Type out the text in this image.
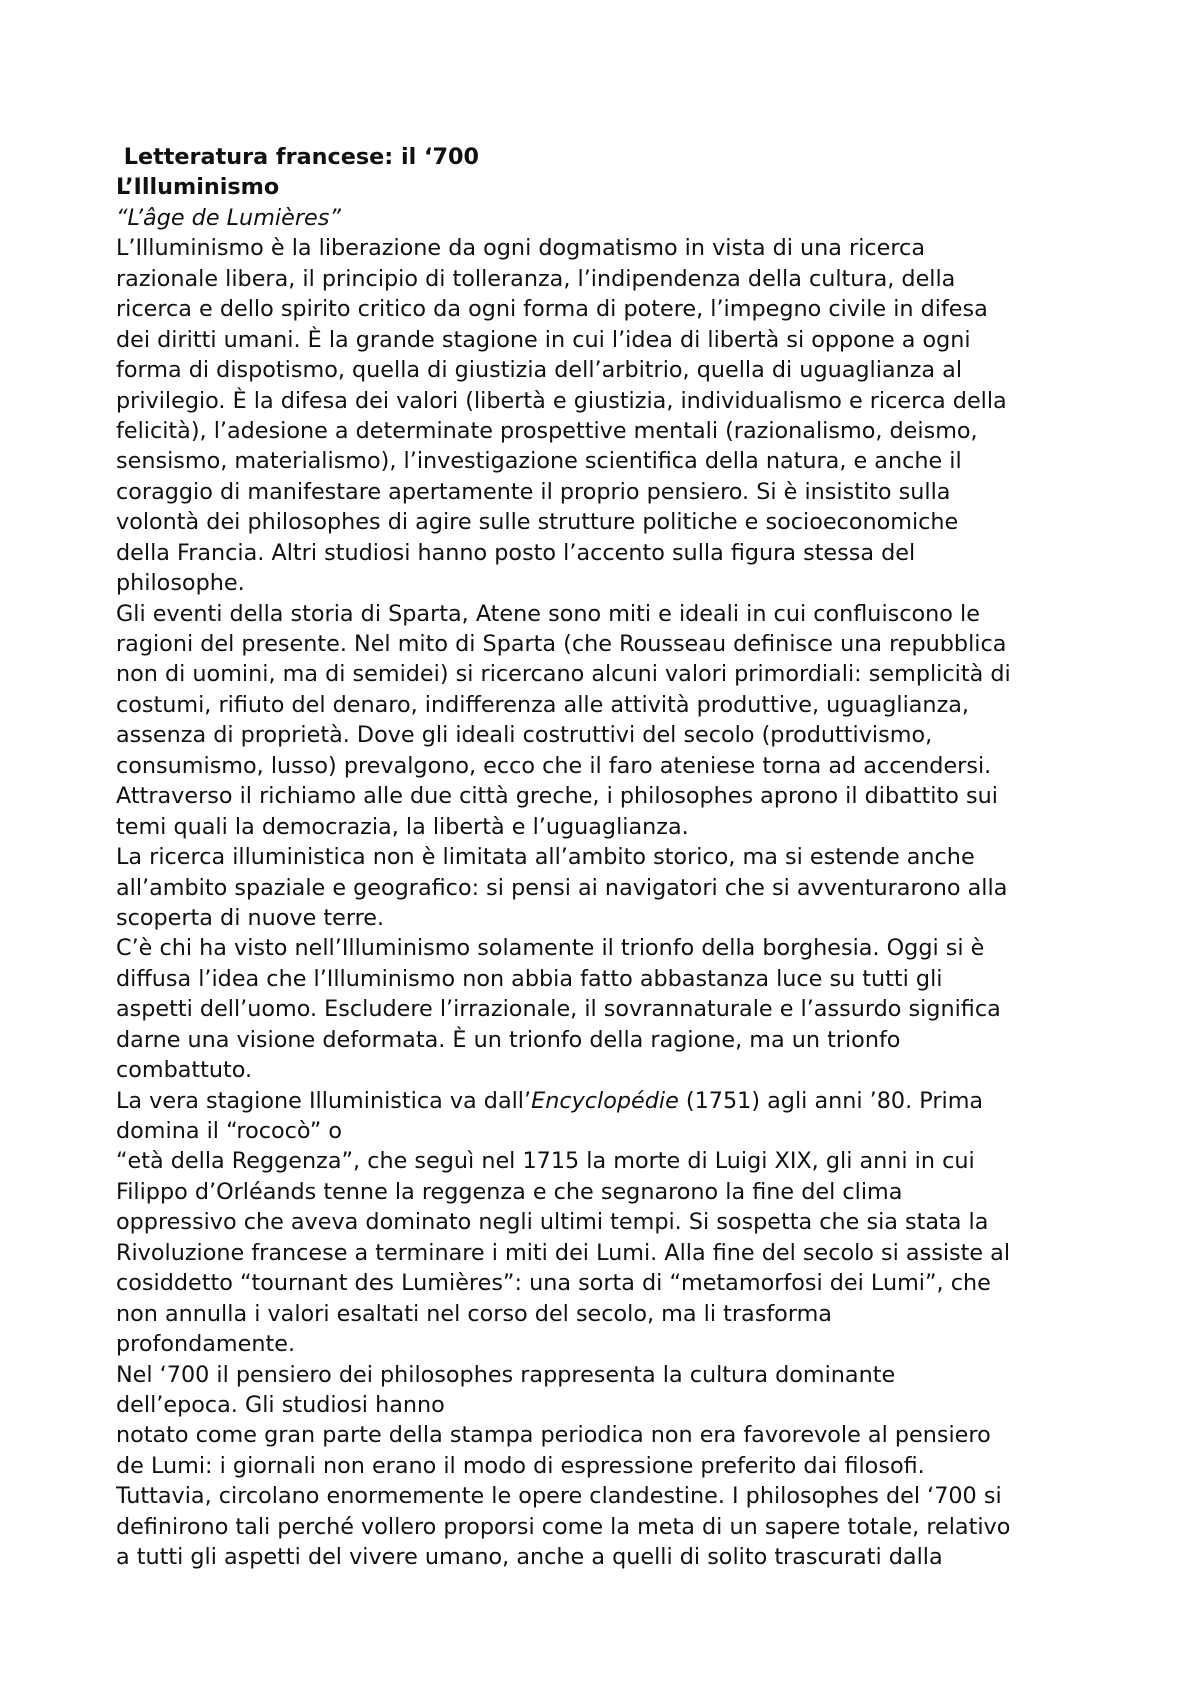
Letteratura francese: il ‘700
L’Illuminismo
“L’âge de Lumières”
L’Illuminismo è la liberazione da ogni dogmatismo in vista di una ricerca
razionale libera, il principio di tolleranza, l’indipendenza della cultura, della
ricerca e dello spirito critico da ogni forma di potere, l’impegno civile in difesa
dei diritti umani. È la grande stagione in cui l’idea di libertà si oppone a ogni
forma di dispotismo, quella di giustizia dell’arbitrio, quella di uguaglianza al
privilegio. È la difesa dei valori (libertà e giustizia, individualismo e ricerca della
felicità), l’adesione a determinate prospettive mentali (razionalismo, deismo,
sensismo, materialismo), l’investigazione scientifica della natura, e anche il
coraggio di manifestare apertamente il proprio pensiero. Si è insistito sulla
volontà dei philosophes di agire sulle strutture politiche e socioeconomiche
della Francia. Altri studiosi hanno posto l’accento sulla figura stessa del
philosophe.
Gli eventi della storia di Sparta, Atene sono miti e ideali in cui confluiscono le
ragioni del presente. Nel mito di Sparta (che Rousseau definisce una repubblica
non di uomini, ma di semidei) si ricercano alcuni valori primordiali: semplicità di
costumi, rifiuto del denaro, indifferenza alle attività produttive, uguaglianza,
assenza di proprietà. Dove gli ideali costruttivi del secolo (produttivismo,
consumismo, lusso) prevalgono, ecco che il faro ateniese torna ad accendersi.
Attraverso il richiamo alle due città greche, i philosophes aprono il dibattito sui
temi quali la democrazia, la libertà e l’uguaglianza.
La ricerca illuministica non è limitata all’ambito storico, ma si estende anche
all’ambito spaziale e geografico: si pensi ai navigatori che si avventurarono alla
scoperta di nuove terre.
C’è chi ha visto nell’Illuminismo solamente il trionfo della borghesia. Oggi si è
diffusa l’idea che l’Illuminismo non abbia fatto abbastanza luce su tutti gli
aspetti dell’uomo. Escludere l’irrazionale, il sovrannaturale e l’assurdo significa
darne una visione deformata. È un trionfo della ragione, ma un trionfo
combattuto.
La vera stagione Illuministica va dall’Encyclopédie (1751) agli anni ’80. Prima
domina il “rococò” o
“età della Reggenza”, che seguì nel 1715 la morte di Luigi XIX, gli anni in cui
Filippo d’Orléands tenne la reggenza e che segnarono la fine del clima
oppressivo che aveva dominato negli ultimi tempi. Si sospetta che sia stata la
Rivoluzione francese a terminare i miti dei Lumi. Alla fine del secolo si assiste al
cosiddetto “tournant des Lumières”: una sorta di “metamorfosi dei Lumi”, che
non annulla i valori esaltati nel corso del secolo, ma li trasforma
profondamente.
Nel ‘700 il pensiero dei philosophes rappresenta la cultura dominante
dell’epoca. Gli studiosi hanno
notato come gran parte della stampa periodica non era favorevole al pensiero
de Lumi: i giornali non erano il modo di espressione preferito dai filosofi.
Tuttavia, circolano enormemente le opere clandestine. I philosophes del ‘700 si
definirono tali perché vollero proporsi come la meta di un sapere totale, relativo
a tutti gli aspetti del vivere umano, anche a quelli di solito trascurati dalla
